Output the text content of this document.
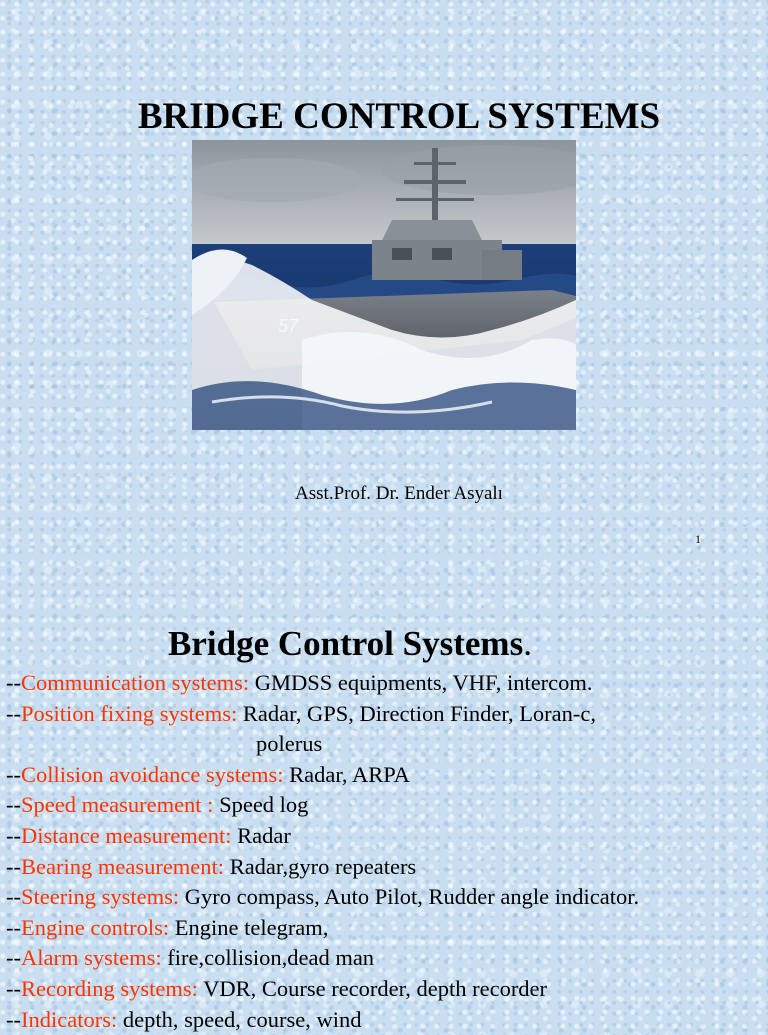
BRIDGE CONTROL SYSTEMS

Asst.Prof. Dr. Ender Asyalı

1
Bridge Control Systems.
--Communication systems: GMDSS equipments, VHF, intercom.
--Position fixing systems: Radar, GPS, Direction Finder, Loran-c,
polerus
--Collision avoidance systems: Radar, ARPA
--Speed measurement : Speed log
--Distance measurement: Radar
--Bearing measurement: Radar,gyro repeaters
--Steering systems: Gyro compass, Auto Pilot, Rudder angle indicator.
--Engine controls: Engine telegram,
--Alarm systems: fire,collision,dead man
--Recording systems: VDR, Course recorder, depth recorder
--Indicators: depth, speed, course, wind
